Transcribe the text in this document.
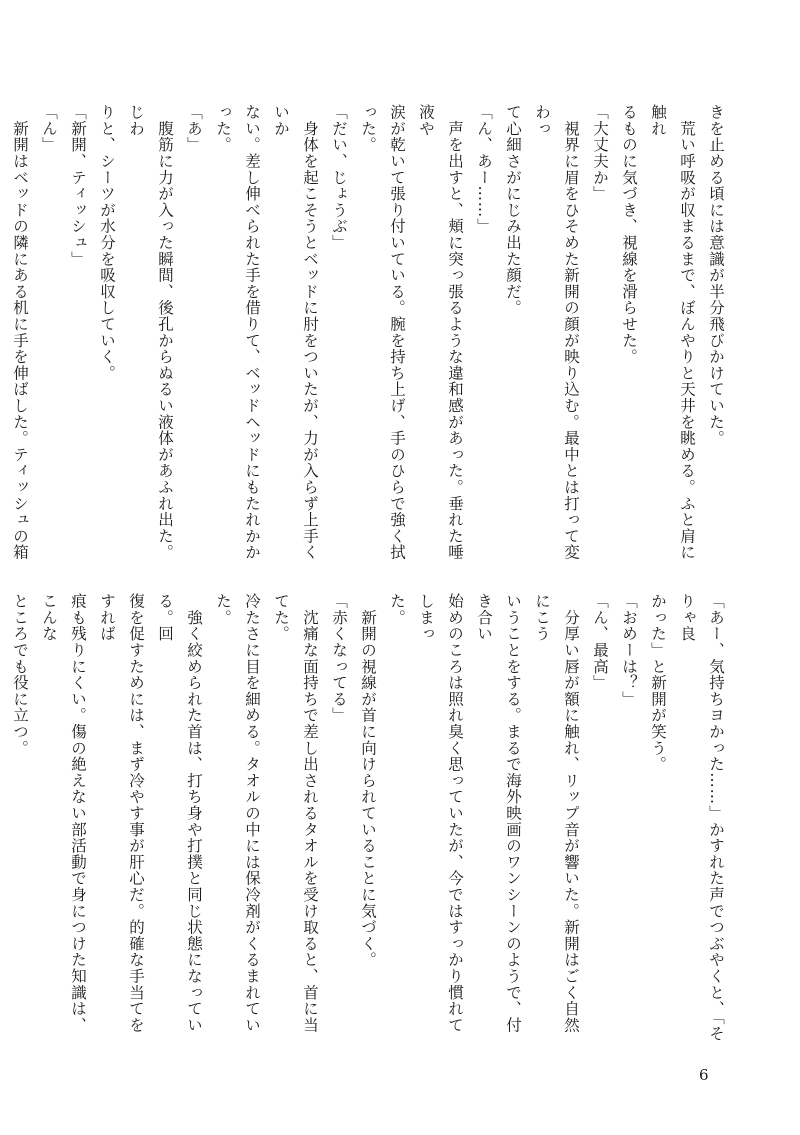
きを止める頃には意識が半分飛びかけていた。

　荒い呼吸が収まるまで、ぼんやりと天井を眺める。ふと肩に触れ

るものに気づき、視線を滑らせた。

「大丈夫か」

　視界に眉をひそめた新開の顔が映り込む。最中とは打って変わっ

て心細さがにじみ出た顔だ。

「ん、あー……」

　声を出すと、頬に突っ張るような違和感があった。垂れた唾液や

涙が乾いて張り付いている。腕を持ち上げ、手のひらで強く拭った。

「だい、じょうぶ」

　身体を起こそうとベッドに肘をついたが、力が入らず上手くいか

ない。差し伸べられた手を借りて、ベッドヘッドにもたれかかった。

「あ」

　腹筋に力が入った瞬間、後孔からぬるい液体があふれ出た。じわ

りと、シーツが水分を吸収していく。

「新開、ティッシュ」

「ん」

　新開はベッドの隣にある机に手を伸ばした。ティッシュの箱

「あー、気持ちヨかった……」かすれた声でつぶやくと、「そりゃ良

かった」と新開が笑う。

「おめーは？」

「ん、最高」

　分厚い唇が額に触れ、リップ音が響いた。新開はごく自然にこう

いうことをする。まるで海外映画のワンシーンのようで、付き合い

始めのころは照れ臭く思っていたが、今ではすっかり慣れてしまっ

た。

　新開の視線が首に向けられていることに気づく。

「赤くなってる」

　沈痛な面持ちで差し出されるタオルを受け取ると、首に当てた。

冷たさに目を細める。タオルの中には保冷剤がくるまれていた。

　強く絞められた首は、打ち身や打撲と同じ状態になっている。回

復を促すためには、まず冷やす事が肝心だ。的確な手当てをすれば

痕も残りにくい。傷の絶えない部活動で身につけた知識は、こんな

ところでも役に立つ。

6
